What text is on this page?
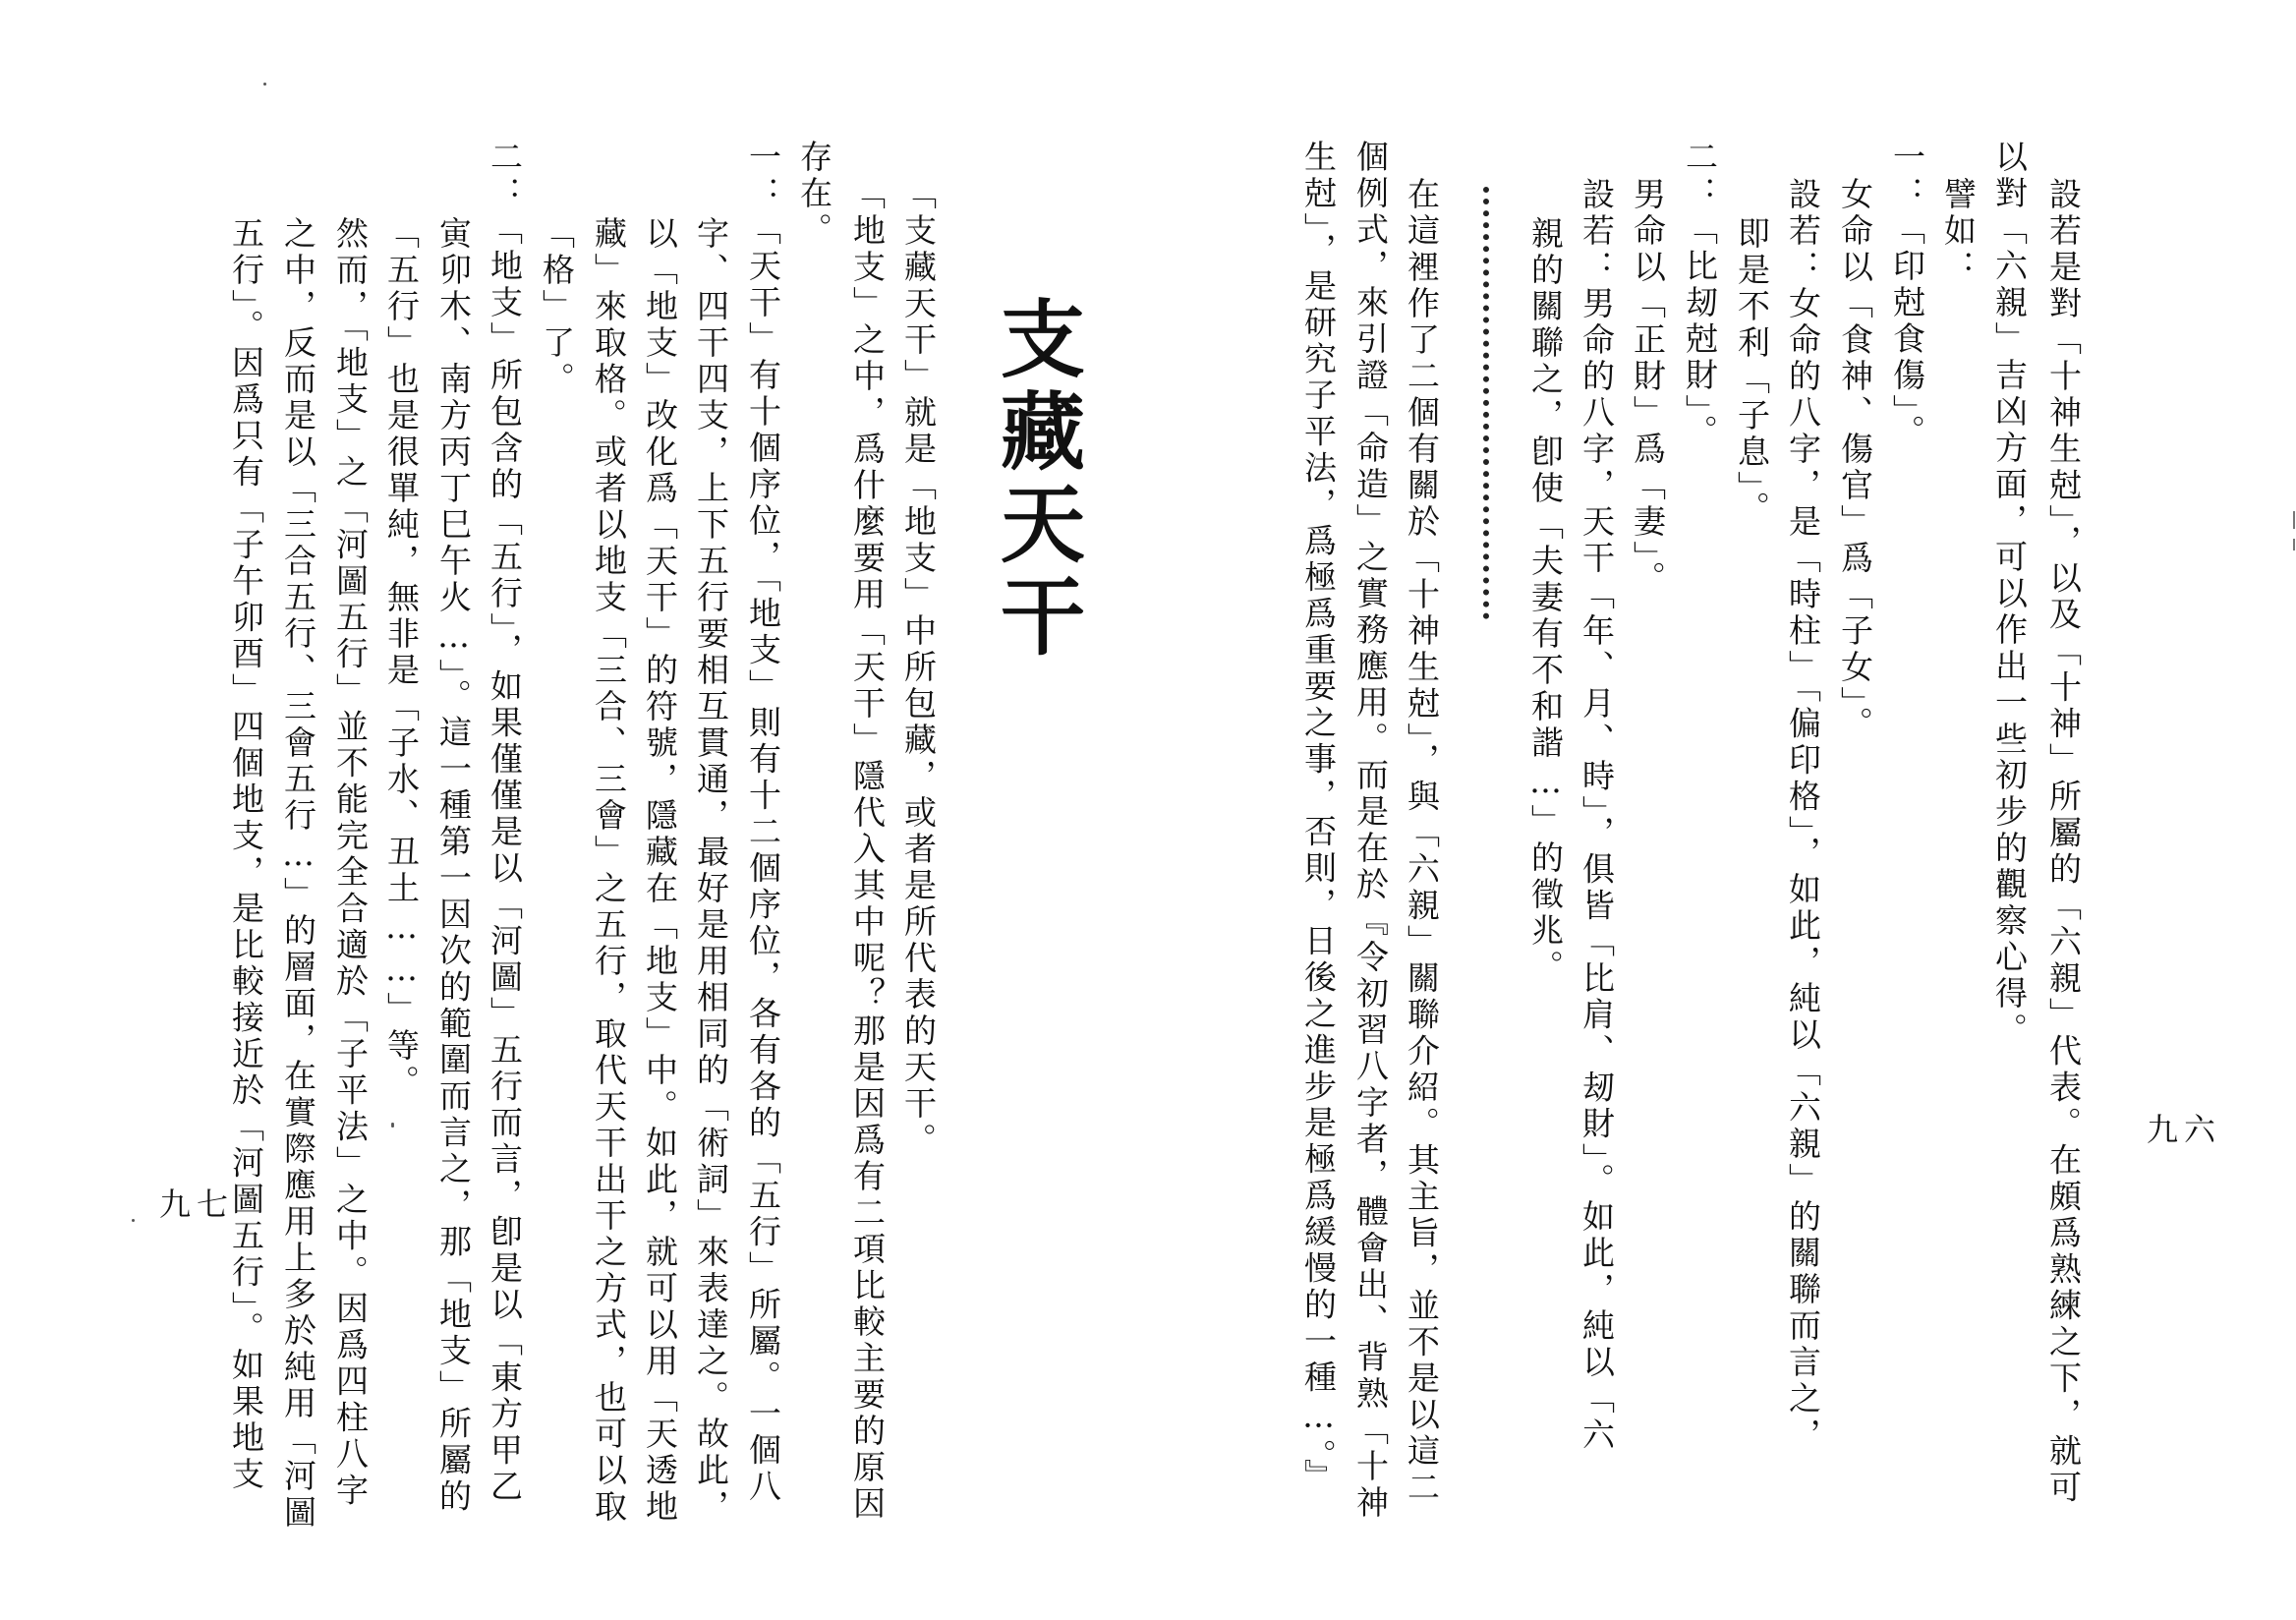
九六
設若是對「十神生尅」，以及「十神」所屬的「六親」代表。在頗爲熟練之下，就可
以對「六親」吉凶方面，可以作出一些初步的觀察心得。
譬如：
一：「印尅食傷」。
女命以「食神、傷官」爲「子女」。
設若：女命的八字，是「時柱」「偏印格」，如此，純以「六親」的關聯而言之，
即是不利「子息」。
二：「比刼尅財」。
男命以「正財」爲「妻」。
設若：男命的八字，天干「年、月、時」，俱皆「比肩、刼財」。如此，純以「六
親的關聯之，卽使「夫妻有不和諧…」的徵兆。
在這裡作了二個有關於「十神生尅」，與「六親」關聯介紹。其主旨，並不是以這二
個例式，來引證「命造」之實務應用。而是在於『令初習八字者，體會出、背熟「十神
生尅」，是研究子平法，爲極爲重要之事，否則，日後之進步是極爲緩慢的一種…。』
支藏天干
「支藏天干」就是「地支」中所包藏，或者是所代表的天干。
「地支」之中，爲什麼要用「天干」隱代入其中呢？那是因爲有二項比較主要的原因
存在。
一：「天干」有十個序位，「地支」則有十二個序位，各有各的「五行」所屬。一個八
字、四干四支，上下五行要相互貫通，最好是用相同的「術詞」來表達之。故此，
以「地支」改化爲「天干」的符號，隱藏在「地支」中。如此，就可以用「天透地
藏」來取格。或者以地支「三合、三會」之五行，取代天干出干之方式，也可以取
「格」了。
二：「地支」所包含的「五行」，如果僅僅是以「河圖」五行而言，卽是以「東方甲乙
寅卯木、南方丙丁巳午火…」。這一種第一因次的範圍而言之，那「地支」所屬的
「五行」也是很單純，無非是「子水、丑土……」等。
然而，「地支」之「河圖五行」並不能完全合適於「子平法」之中。因爲四柱八字
之中，反而是以「三合五行、三會五行…」的層面，在實際應用上多於純用「河圖
五行」。因爲只有「子午卯酉」四個地支，是比較接近於「河圖五行」。如果地支
九七
